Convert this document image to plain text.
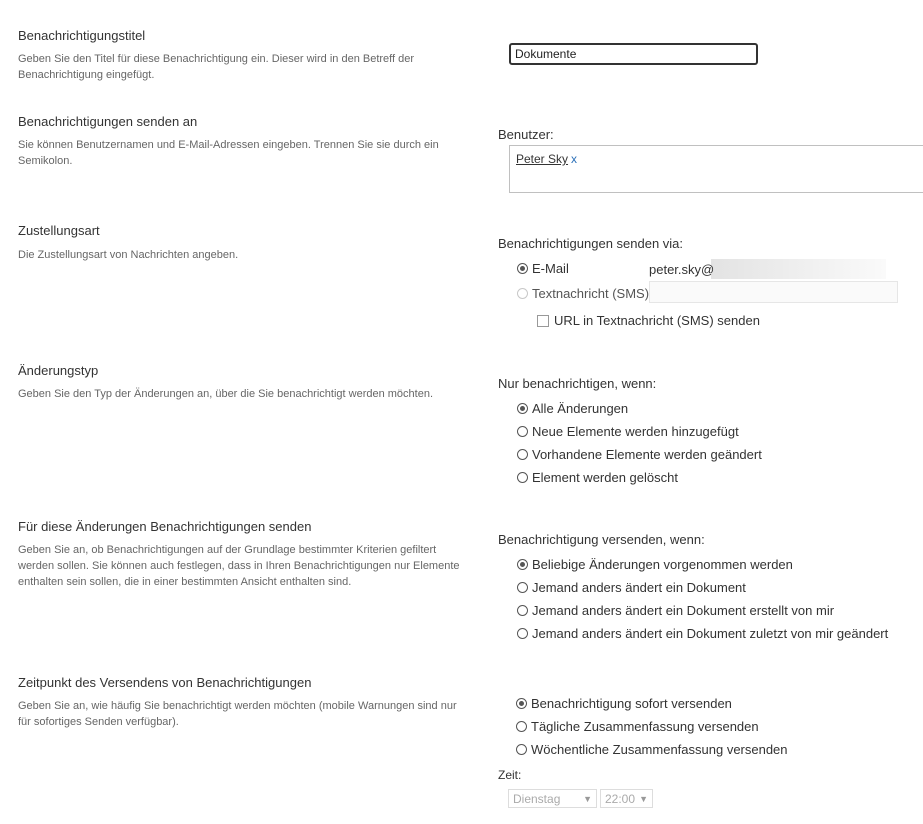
Benachrichtigungstitel
Geben Sie den Titel für diese Benachrichtigung ein. Dieser wird in den Betreff der Benachrichtigung eingefügt.
Dokumente
Benachrichtigungen senden an
Sie können Benutzernamen und E-Mail-Adressen eingeben. Trennen Sie sie durch ein Semikolon.
Benutzer:
Peter Sky x
Zustellungsart
Die Zustellungsart von Nachrichten angeben.
Benachrichtigungen senden via:
E-Mail	peter.sky@
Textnachricht (SMS)
URL in Textnachricht (SMS) senden
Änderungstyp
Geben Sie den Typ der Änderungen an, über die Sie benachrichtigt werden möchten.
Nur benachrichtigen, wenn:
Alle Änderungen
Neue Elemente werden hinzugefügt
Vorhandene Elemente werden geändert
Element werden gelöscht
Für diese Änderungen Benachrichtigungen senden
Geben Sie an, ob Benachrichtigungen auf der Grundlage bestimmter Kriterien gefiltert werden sollen. Sie können auch festlegen, dass in Ihren Benachrichtigungen nur Elemente enthalten sein sollen, die in einer bestimmten Ansicht enthalten sind.
Benachrichtigung versenden, wenn:
Beliebige Änderungen vorgenommen werden
Jemand anders ändert ein Dokument
Jemand anders ändert ein Dokument erstellt von mir
Jemand anders ändert ein Dokument zuletzt von mir geändert
Zeitpunkt des Versendens von Benachrichtigungen
Geben Sie an, wie häufig Sie benachrichtigt werden möchten (mobile Warnungen sind nur für sofortiges Senden verfügbar).
Benachrichtigung sofort versenden
Tägliche Zusammenfassung versenden
Wöchentliche Zusammenfassung versenden
Zeit:
Dienstag	▼ 22:00 ▼
